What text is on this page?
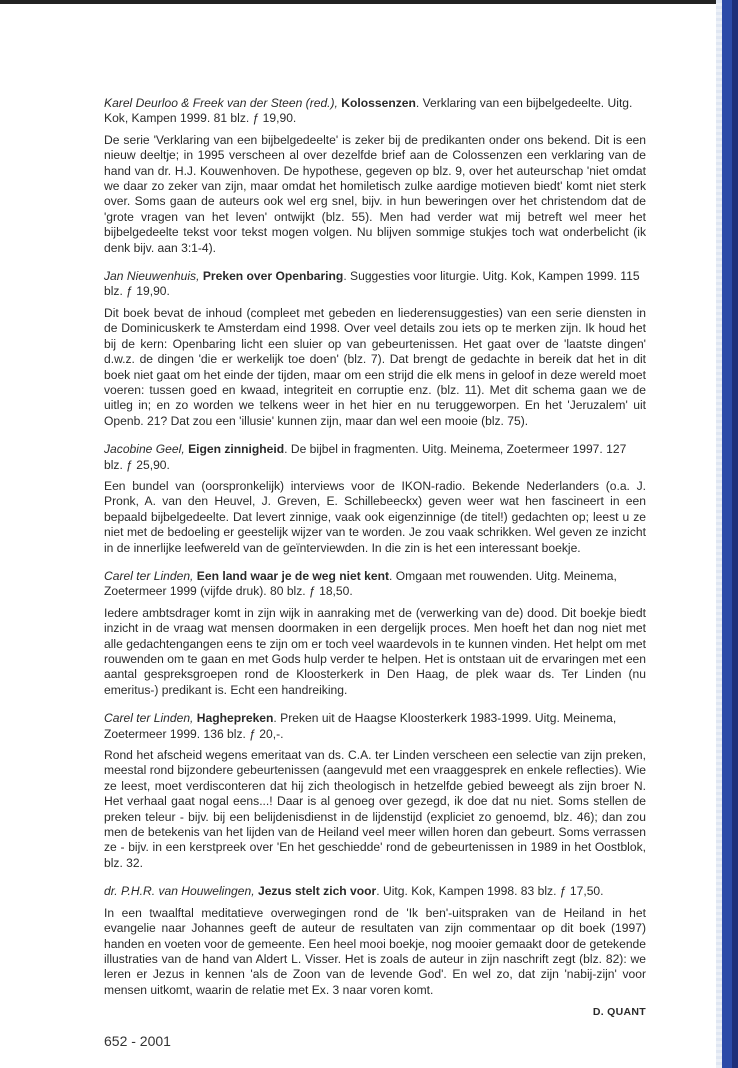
Karel Deurloo & Freek van der Steen (red.), Kolossenzen. Verklaring van een bijbelgedeelte. Uitg. Kok, Kampen 1999. 81 blz. ƒ 19,90.

De serie 'Verklaring van een bijbelgedeelte' is zeker bij de predikanten onder ons bekend. Dit is een nieuw deeltje; in 1995 verscheen al over dezelfde brief aan de Colossenzen een verklaring van de hand van dr. H.J. Kouwenhoven. De hypothese, gegeven op blz. 9, over het auteurschap 'niet omdat we daar zo zeker van zijn, maar omdat het homiletisch zulke aardige motieven biedt' komt niet sterk over. Soms gaan de auteurs ook wel erg snel, bijv. in hun beweringen over het christendom dat de 'grote vragen van het leven' ontwijkt (blz. 55). Men had verder wat mij betreft wel meer het bijbelgedeelte tekst voor tekst mogen volgen. Nu blijven sommige stukjes toch wat onderbelicht (ik denk bijv. aan 3:1-4).

Jan Nieuwenhuis, Preken over Openbaring. Suggesties voor liturgie. Uitg. Kok, Kampen 1999. 115 blz. ƒ 19,90.

Dit boek bevat de inhoud (compleet met gebeden en liederensuggesties) van een serie diensten in de Dominicuskerk te Amsterdam eind 1998. Over veel details zou iets op te merken zijn. Ik houd het bij de kern: Openbaring licht een sluier op van gebeurtenissen. Het gaat over de 'laatste dingen' d.w.z. de dingen 'die er werkelijk toe doen' (blz. 7). Dat brengt de gedachte in bereik dat het in dit boek niet gaat om het einde der tijden, maar om een strijd die elk mens in geloof in deze wereld moet voeren: tussen goed en kwaad, integriteit en corruptie enz. (blz. 11). Met dit schema gaan we de uitleg in; en zo worden we telkens weer in het hier en nu teruggeworpen. En het 'Jeruzalem' uit Openb. 21? Dat zou een 'illusie' kunnen zijn, maar dan wel een mooie (blz. 75).

Jacobine Geel, Eigen zinnigheid. De bijbel in fragmenten. Uitg. Meinema, Zoetermeer 1997. 127 blz. ƒ 25,90.

Een bundel van (oorspronkelijk) interviews voor de IKON-radio. Bekende Nederlanders (o.a. J. Pronk, A. van den Heuvel, J. Greven, E. Schillebeeckx) geven weer wat hen fascineert in een bepaald bijbelgedeelte. Dat levert zinnige, vaak ook eigenzinnige (de titel!) gedachten op; leest u ze niet met de bedoeling er geestelijk wijzer van te worden. Je zou vaak schrikken. Wel geven ze inzicht in de innerlijke leefwereld van de geïnterviewden. In die zin is het een interessant boekje.

Carel ter Linden, Een land waar je de weg niet kent. Omgaan met rouwenden. Uitg. Meinema, Zoetermeer 1999 (vijfde druk). 80 blz. ƒ 18,50.

Iedere ambtsdrager komt in zijn wijk in aanraking met de (verwerking van de) dood. Dit boekje biedt inzicht in de vraag wat mensen doormaken in een dergelijk proces. Men hoeft het dan nog niet met alle gedachtengangen eens te zijn om er toch veel waardevols in te kunnen vinden. Het helpt om met rouwenden om te gaan en met Gods hulp verder te helpen. Het is ontstaan uit de ervaringen met een aantal gespreksgroepen rond de Kloosterkerk in Den Haag, de plek waar ds. Ter Linden (nu emeritus-) predikant is. Echt een handreiking.

Carel ter Linden, Haghepreken. Preken uit de Haagse Kloosterkerk 1983-1999. Uitg. Meinema, Zoetermeer 1999. 136 blz. ƒ 20,-.

Rond het afscheid wegens emeritaat van ds. C.A. ter Linden verscheen een selectie van zijn preken, meestal rond bijzondere gebeurtenissen (aangevuld met een vraaggesprek en enkele reflecties). Wie ze leest, moet verdisconteren dat hij zich theologisch in hetzelfde gebied beweegt als zijn broer N. Het verhaal gaat nogal eens...! Daar is al genoeg over gezegd, ik doe dat nu niet. Soms stellen de preken teleur - bijv. bij een belijdenisdienst in de lijdenstijd (expliciet zo genoemd, blz. 46); dan zou men de betekenis van het lijden van de Heiland veel meer willen horen dan gebeurt. Soms verrassen ze - bijv. in een kerstpreek over 'En het geschiedde' rond de gebeurtenissen in 1989 in het Oostblok, blz. 32.

dr. P.H.R. van Houwelingen, Jezus stelt zich voor. Uitg. Kok, Kampen 1998. 83 blz. ƒ 17,50.

In een twaalftal meditatieve overwegingen rond de 'Ik ben'-uitspraken van de Heiland in het evangelie naar Johannes geeft de auteur de resultaten van zijn commentaar op dit boek (1997) handen en voeten voor de gemeente. Een heel mooi boekje, nog mooier gemaakt door de getekende illustraties van de hand van Aldert L. Visser. Het is zoals de auteur in zijn naschrift zegt (blz. 82): we leren er Jezus in kennen 'als de Zoon van de levende God'. En wel zo, dat zijn 'nabij-zijn' voor mensen uitkomt, waarin de relatie met Ex. 3 naar voren komt.

D. QUANT
652 - 2001
